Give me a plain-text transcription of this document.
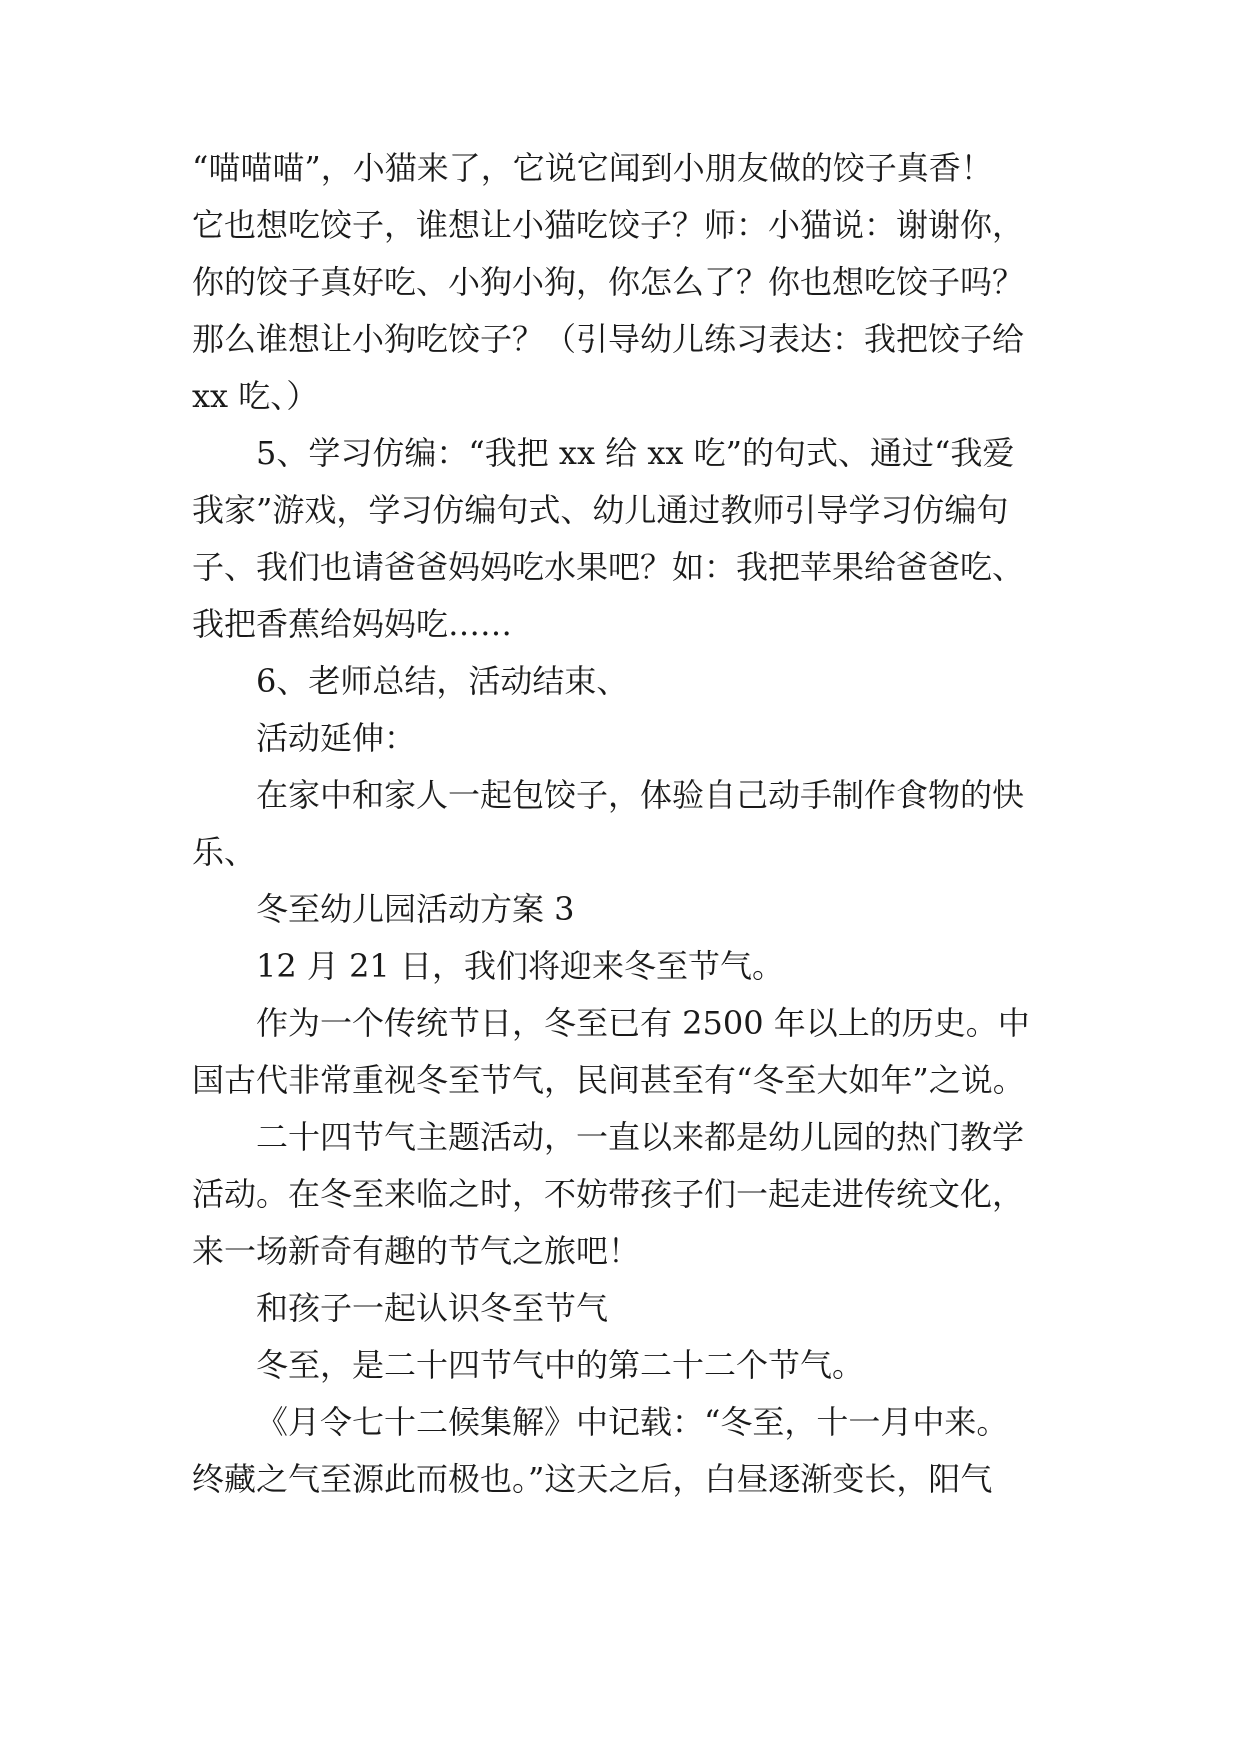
“喵喵喵”，小猫来了，它说它闻到小朋友做的饺子真香！
它也想吃饺子，谁想让小猫吃饺子？师：小猫说：谢谢你，
你的饺子真好吃、小狗小狗，你怎么了？你也想吃饺子吗？
那么谁想让小狗吃饺子？（引导幼儿练习表达：我把饺子给
xx 吃、）
5、学习仿编：“我把 xx 给 xx 吃”的句式、通过“我爱
我家”游戏，学习仿编句式、幼儿通过教师引导学习仿编句
子、我们也请爸爸妈妈吃水果吧？如：我把苹果给爸爸吃、
我把香蕉给妈妈吃……
6、老师总结，活动结束、
活动延伸：
在家中和家人一起包饺子，体验自己动手制作食物的快
乐、
冬至幼儿园活动方案 3
12 月 21 日，我们将迎来冬至节气。
作为一个传统节日，冬至已有 2500 年以上的历史。中
国古代非常重视冬至节气，民间甚至有“冬至大如年”之说。
二十四节气主题活动，一直以来都是幼儿园的热门教学
活动。在冬至来临之时，不妨带孩子们一起走进传统文化，
来一场新奇有趣的节气之旅吧！
和孩子一起认识冬至节气
冬至，是二十四节气中的第二十二个节气。
《月令七十二候集解》中记载：“冬至，十一月中来。
终藏之气至源此而极也。”这天之后，白昼逐渐变长，阳气
